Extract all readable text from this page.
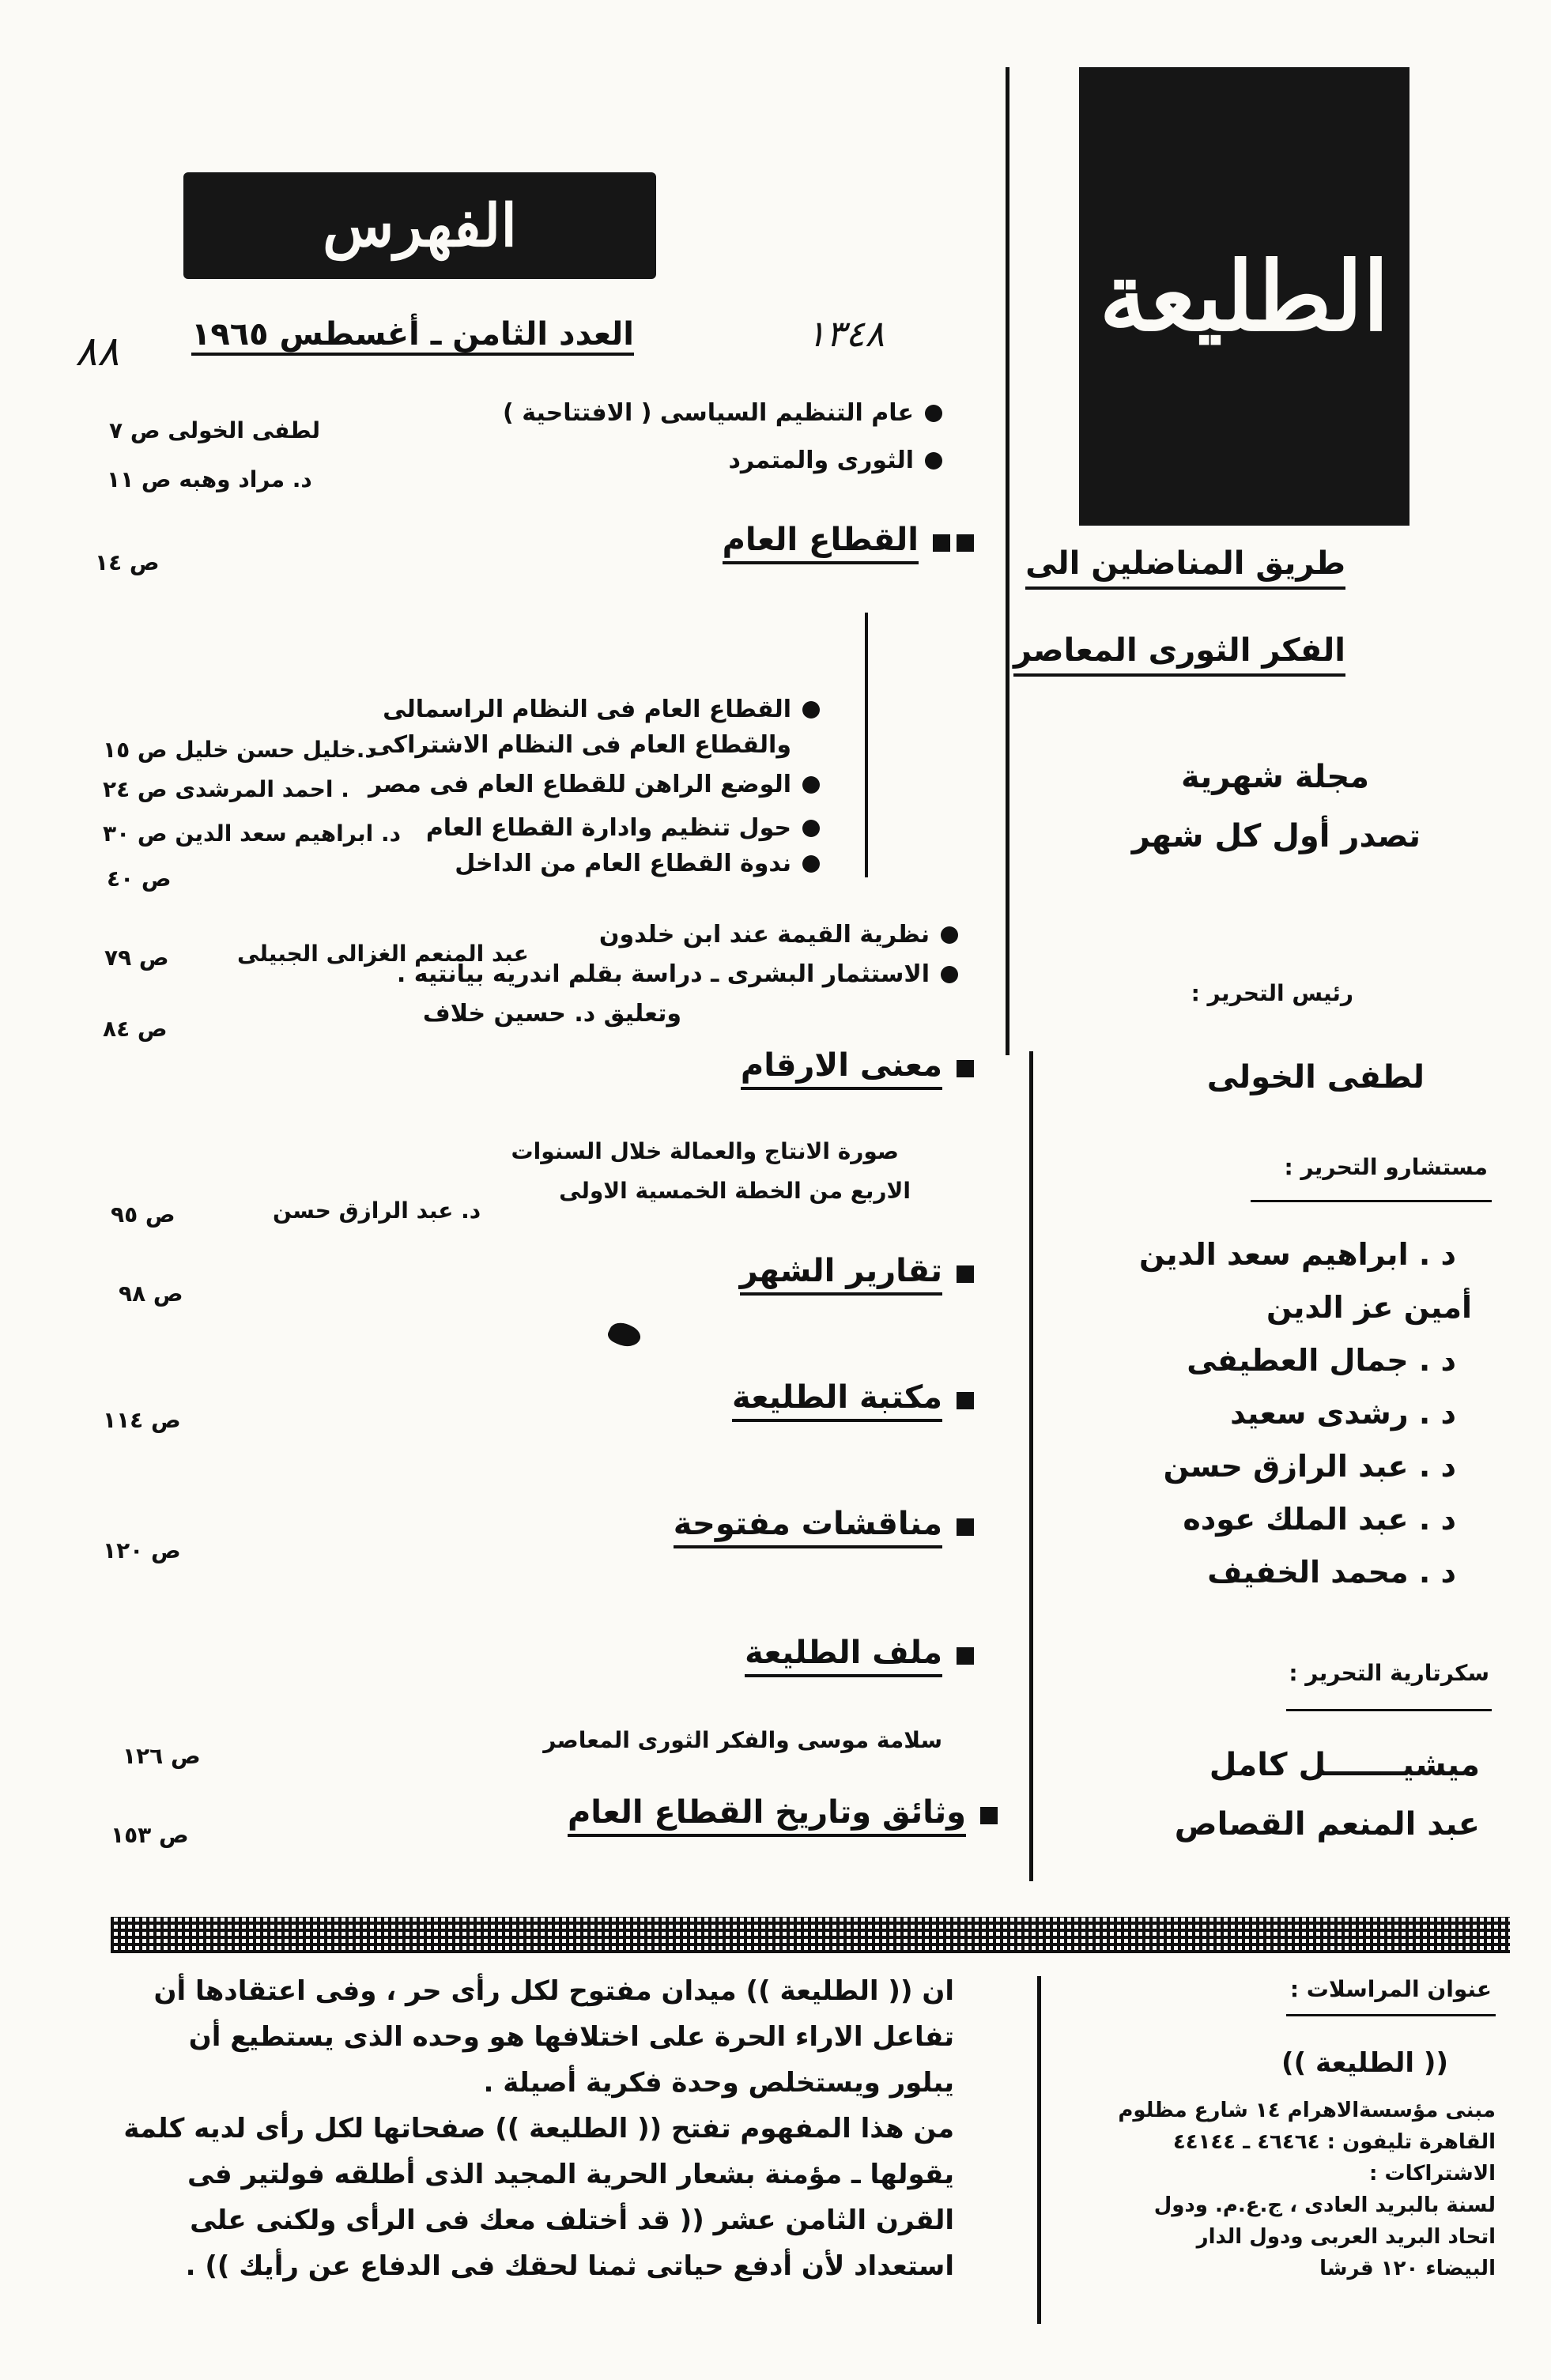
الطليعة
طريق المناضلين الى
الفكر الثورى المعاصر
مجلة شهرية
تصدر أول كل شهر
رئيس التحرير :
لطفى الخولى
مستشارو التحرير :
د . ابراهيم سعد الدين
أمين عز الدين
د . جمال العطيفى
د . رشدى سعيد
د . عبد الرازق حسن
د . عبد الملك عوده
د . محمد الخفيف
سكرتارية التحرير :
ميشيـــــــل كامل
عبد المنعم القصاص
الفهرس
العدد الثامن ـ أغسطس ١٩٦٥	١٣٤٨
٨٨
عام التنظيم السياسى ( الافتتاحية )
لطفى الخولى ص ٧
الثورى والمتمرد
د. مراد وهبه ص ١١
القطاع العام
ص ١٤
القطاع العام فى النظام الراسمالى
والقطاع العام فى النظام الاشتراكى
د.خليل حسن خليل ص ١٥
الوضع الراهن للقطاع العام فى مصر
. احمد المرشدى ص ٢٤
حول تنظيم وادارة القطاع العام
د. ابراهيم سعد الدين ص ٣٠
ندوة القطاع العام من الداخل
ص ٤٠
نظرية القيمة عند ابن خلدون
عبد المنعم الغزالى الجبيلى
ص ٧٩
الاستثمار البشرى ـ دراسة بقلم اندريه بيانتيه .
وتعليق د. حسين خلاف
ص ٨٤
معنى الارقام
صورة الانتاج والعمالة خلال السنوات
الاربع من الخطة الخمسية الاولى
د. عبد الرازق حسن
ص ٩٥
تقارير الشهر
ص ٩٨
مكتبة الطليعة
ص ١١٤
مناقشات مفتوحة
ص ١٢٠
ملف الطليعة
سلامة موسى والفكر الثورى المعاصر
ص ١٢٦
وثائق وتاريخ القطاع العام
ص ١٥٣
ان (( الطليعة )) ميدان مفتوح لكل رأى حر ، وفى اعتقادها أن
تفاعل الاراء الحرة على اختلافها هو وحده الذى يستطيع أن
يبلور ويستخلص وحدة فكرية أصيلة .
من هذا المفهوم تفتح (( الطليعة )) صفحاتها لكل رأى لديه كلمة
يقولها ـ مؤمنة بشعار الحرية المجيد الذى أطلقه فولتير فى
القرن الثامن عشر (( قد أختلف معك فى الرأى ولكنى على
استعداد لأن أدفع حياتى ثمنا لحقك فى الدفاع عن رأيك )) .
عنوان المراسلات :
(( الطليعة ))
مبنى مؤسسةالاهرام ١٤ شارع مظلوم
القاهرة تليفون : ٤٦٤٦٤ ـ ٤٤١٤٤
الاشتراكات :
لسنة بالبريد العادى ، ج.ع.م. ودول
اتحاد البريد العربى ودول الدار
البيضاء ١٢٠ قرشا
